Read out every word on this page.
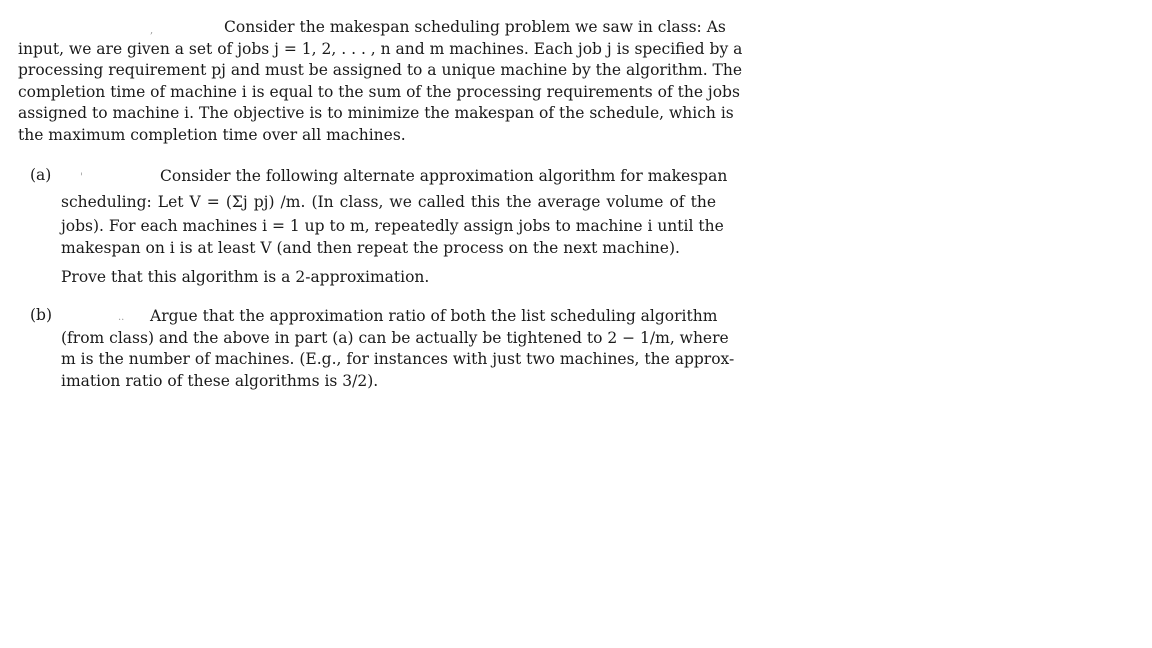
,	Consider the makespan scheduling problem we saw in class: As
input, we are given a set of jobs j = 1, 2, . . . , n and m machines. Each job j is specified by a
processing requirement pj and must be assigned to a unique machine by the algorithm. The
completion time of machine i is equal to the sum of the processing requirements of the jobs
assigned to machine i. The objective is to minimize the makespan of the schedule, which is
the maximum completion time over all machines.
(a)	'	Consider the following alternate approximation algorithm for makespan
scheduling: Let V = (Σj pj) /m. (In class, we called this the average volume of the
jobs). For each machines i = 1 up to m, repeatedly assign jobs to machine i until the
makespan on i is at least V (and then repeat the process on the next machine).
Prove that this algorithm is a 2-approximation.
(b)	..	Argue that the approximation ratio of both the list scheduling algorithm
(from class) and the above in part (a) can be actually be tightened to 2 − 1/m, where
m is the number of machines. (E.g., for instances with just two machines, the approx-
imation ratio of these algorithms is 3/2).
